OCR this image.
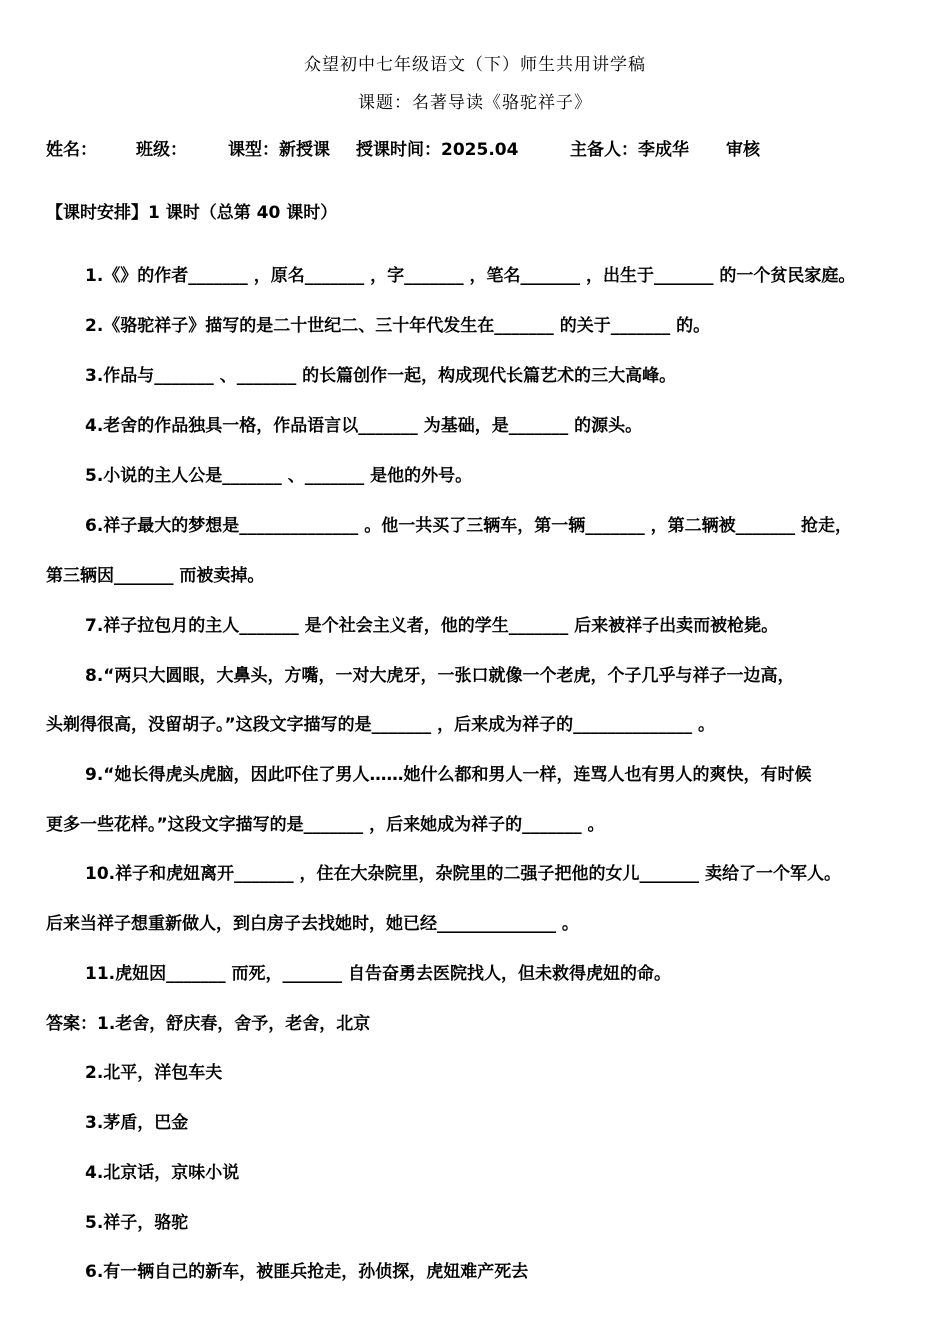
众望初中七年级语文（下）师生共用讲学稿
课题：名著导读《骆驼祥子》
姓名： 班级： 课型：新授课 授课时间：2025.04	主备人：李成华 审核
【课时安排】1 课时（总第 40 课时）
1.《》的作者_______ ，原名_______ ，字_______ ，笔名_______ ，出生于_______ 的一个贫民家庭。
2.《骆驼祥子》描写的是二十世纪二、三十年代发生在_______ 的关于_______ 的。
3.作品与_______ 、_______ 的长篇创作一起，构成现代长篇艺术的三大高峰。
4.老舍的作品独具一格，作品语言以_______ 为基础，是_______ 的源头。
5.小说的主人公是_______ 、_______ 是他的外号。
6.祥子最大的梦想是______________ 。他一共买了三辆车，第一辆_______ ，第二辆被_______ 抢走，
第三辆因_______ 而被卖掉。
7.祥子拉包月的主人_______ 是个社会主义者，他的学生_______ 后来被祥子出卖而被枪毙。
8.“两只大圆眼，大鼻头，方嘴，一对大虎牙，一张口就像一个老虎，个子几乎与祥子一边高，
头剃得很高，没留胡子。”这段文字描写的是_______ ，后来成为祥子的______________ 。
9.“她长得虎头虎脑，因此吓住了男人……她什么都和男人一样，连骂人也有男人的爽快，有时候
更多一些花样。”这段文字描写的是_______ ，后来她成为祥子的_______ 。
10.祥子和虎妞离开_______ ，住在大杂院里，杂院里的二强子把他的女儿_______ 卖给了一个军人。
后来当祥子想重新做人，到白房子去找她时，她已经______________ 。
11.虎妞因_______ 而死，_______ 自告奋勇去医院找人，但未救得虎妞的命。
答案：1.老舍，舒庆春，舍予，老舍，北京
2.北平，洋包车夫
3.茅盾，巴金
4.北京话，京味小说
5.祥子，骆驼
6.有一辆自己的新车，被匪兵抢走，孙侦探，虎妞难产死去
